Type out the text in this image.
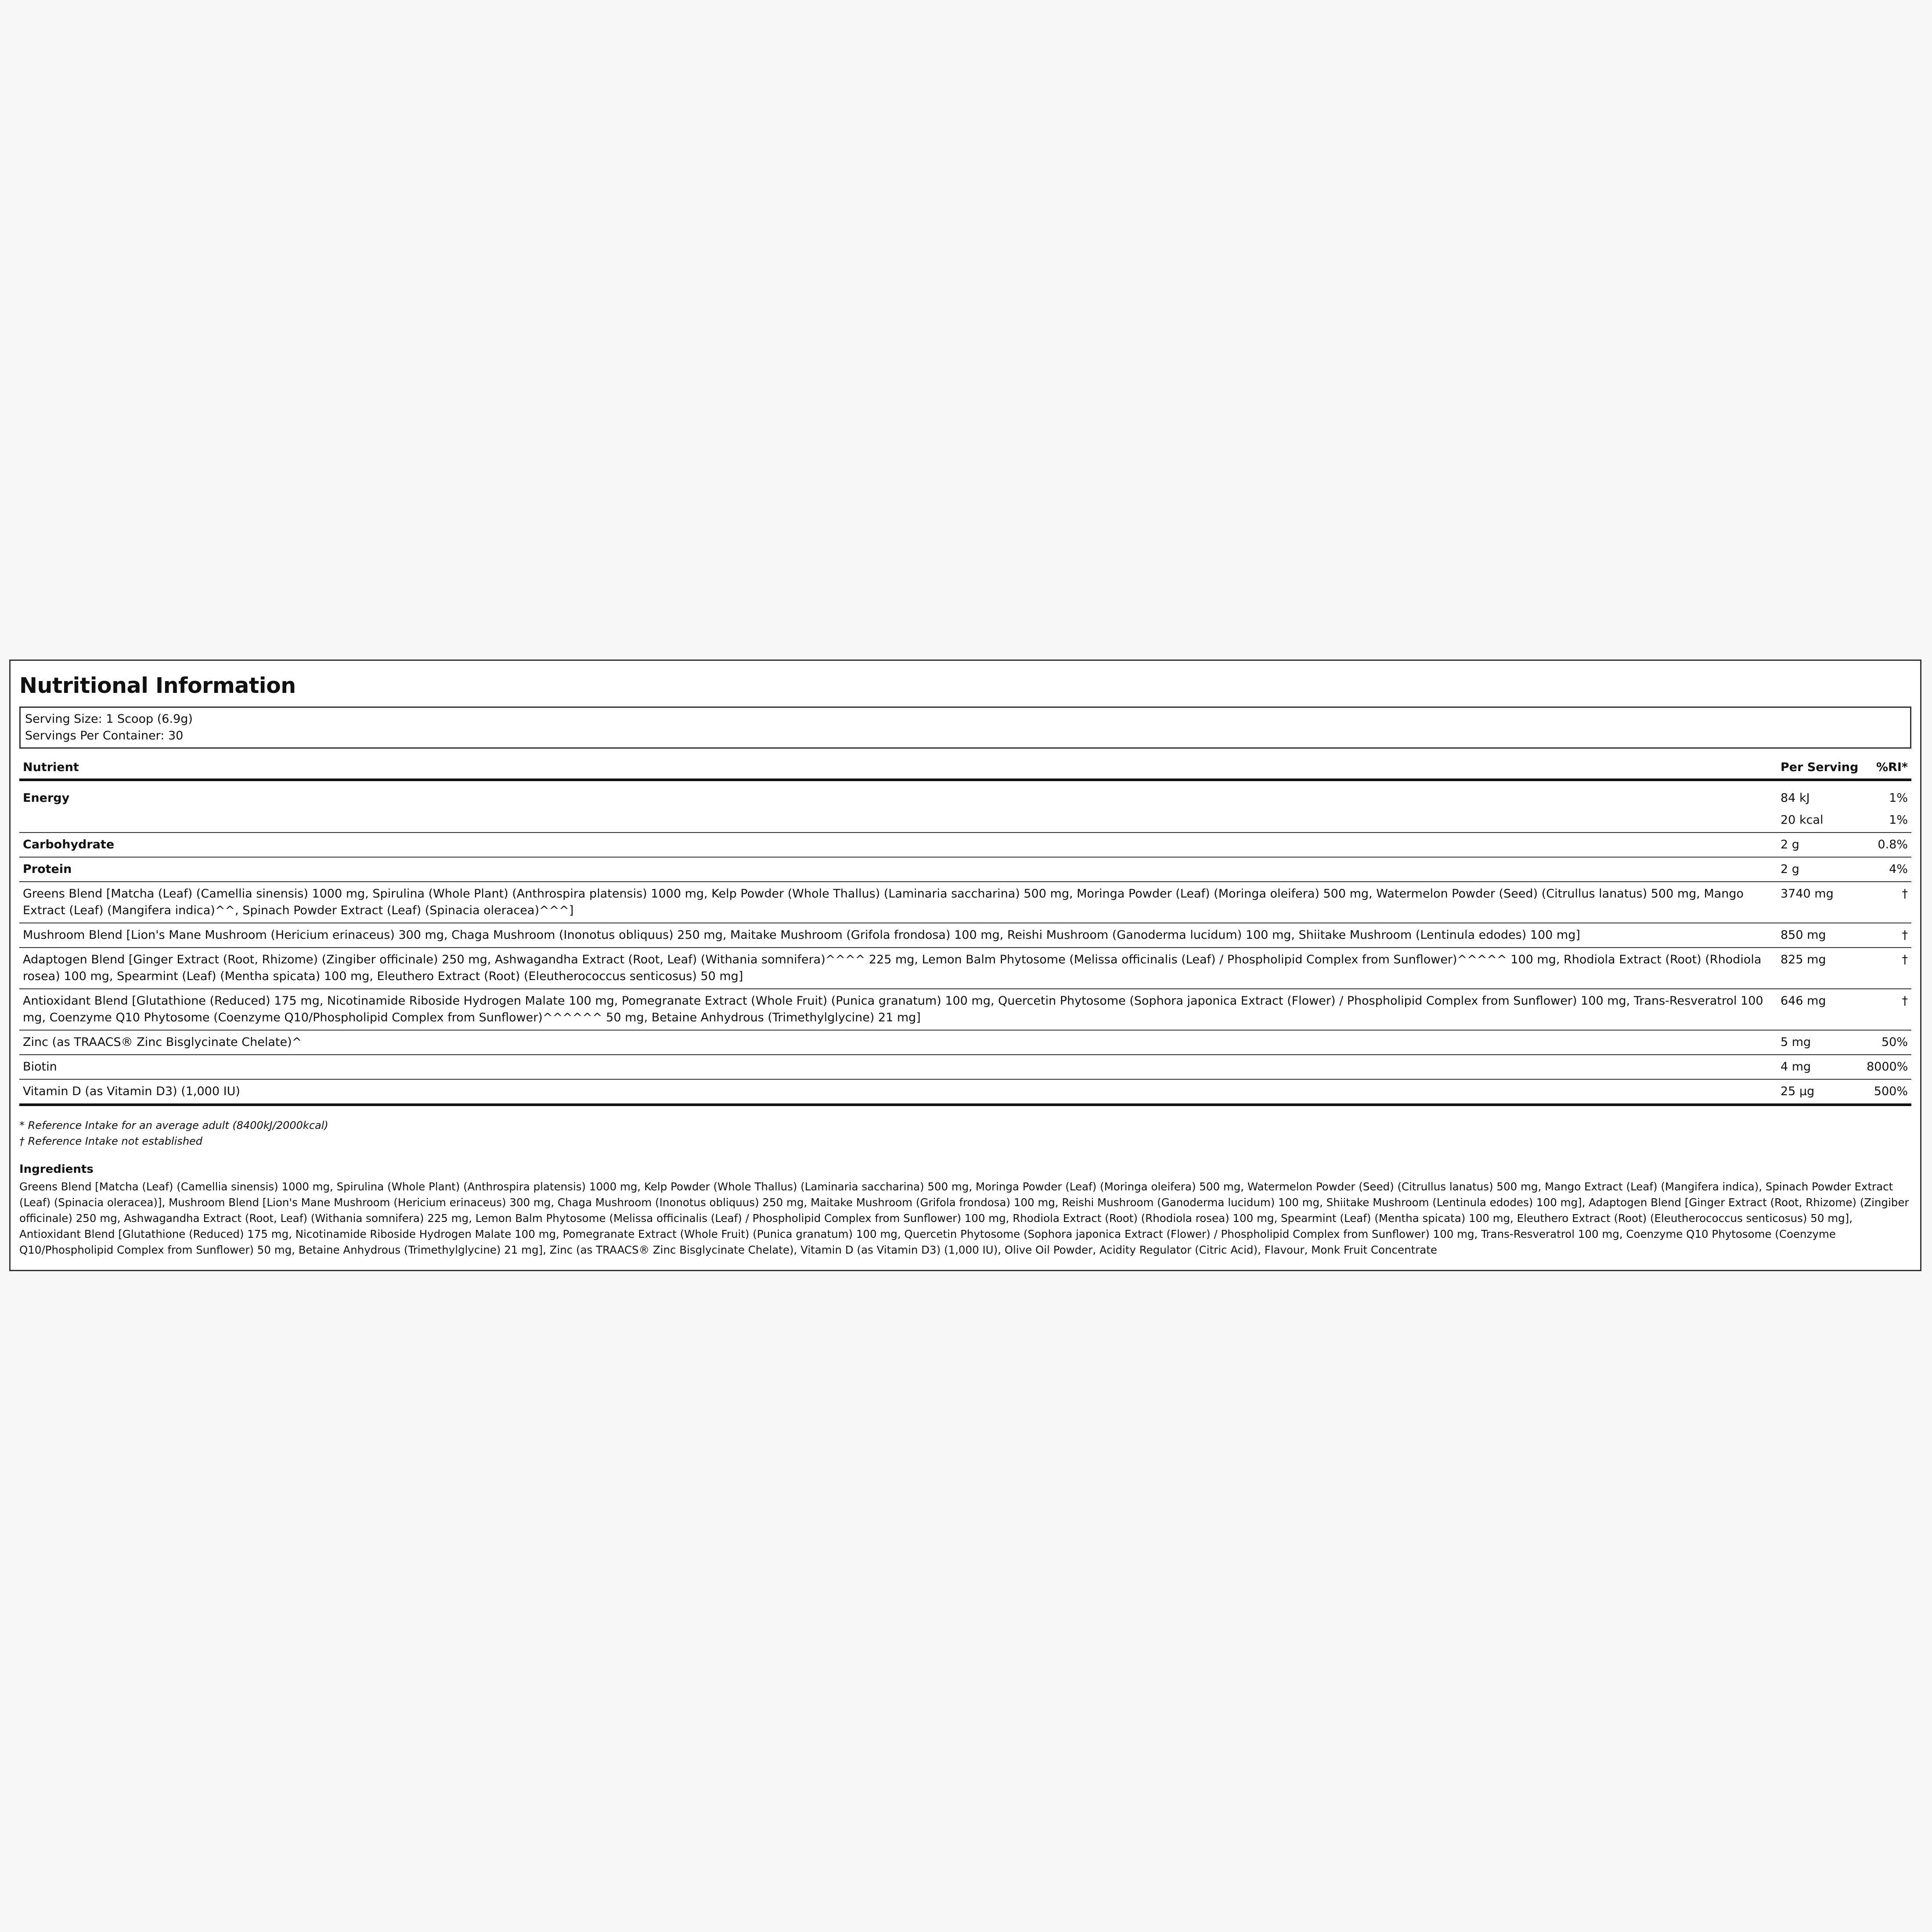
Nutritional Information
Serving Size: 1 Scoop (6.9g)
Servings Per Container: 30
Nutrient	Per Serving	%RI*
Energy	84 kJ	1%
	20 kcal	1%
Carbohydrate	2 g	0.8%
Protein	2 g	4%
Greens Blend [Matcha (Leaf) (Camellia sinensis) 1000 mg, Spirulina (Whole Plant) (Anthrospira platensis) 1000 mg, Kelp Powder (Whole Thallus) (Laminaria saccharina) 500 mg, Moringa Powder (Leaf) (Moringa oleifera) 500 mg, Watermelon Powder (Seed) (Citrullus lanatus) 500 mg, Mango Extract (Leaf) (Mangifera indica)^^, Spinach Powder Extract (Leaf) (Spinacia oleracea)^^^]	3740 mg	†
Mushroom Blend [Lion's Mane Mushroom (Hericium erinaceus) 300 mg, Chaga Mushroom (Inonotus obliquus) 250 mg, Maitake Mushroom (Grifola frondosa) 100 mg, Reishi Mushroom (Ganoderma lucidum) 100 mg, Shiitake Mushroom (Lentinula edodes) 100 mg]	850 mg	†
Adaptogen Blend [Ginger Extract (Root, Rhizome) (Zingiber officinale) 250 mg, Ashwagandha Extract (Root, Leaf) (Withania somnifera)^^^^ 225 mg, Lemon Balm Phytosome (Melissa officinalis (Leaf) / Phospholipid Complex from Sunflower)^^^^^ 100 mg, Rhodiola Extract (Root) (Rhodiola rosea) 100 mg, Spearmint (Leaf) (Mentha spicata) 100 mg, Eleuthero Extract (Root) (Eleutherococcus senticosus) 50 mg]	825 mg	†
Antioxidant Blend [Glutathione (Reduced) 175 mg, Nicotinamide Riboside Hydrogen Malate 100 mg, Pomegranate Extract (Whole Fruit) (Punica granatum) 100 mg, Quercetin Phytosome (Sophora japonica Extract (Flower) / Phospholipid Complex from Sunflower) 100 mg, Trans-Resveratrol 100 mg, Coenzyme Q10 Phytosome (Coenzyme Q10/Phospholipid Complex from Sunflower)^^^^^^ 50 mg, Betaine Anhydrous (Trimethylglycine) 21 mg]	646 mg	†
Zinc (as TRAACS® Zinc Bisglycinate Chelate)^	5 mg	50%
Biotin	4 mg	8000%
Vitamin D (as Vitamin D3) (1,000 IU)	25 µg	500%
* Reference Intake for an average adult (8400kJ/2000kcal)
† Reference Intake not established
Ingredients
Greens Blend [Matcha (Leaf) (Camellia sinensis) 1000 mg, Spirulina (Whole Plant) (Anthrospira platensis) 1000 mg, Kelp Powder (Whole Thallus) (Laminaria saccharina) 500 mg, Moringa Powder (Leaf) (Moringa oleifera) 500 mg, Watermelon Powder (Seed) (Citrullus lanatus) 500 mg, Mango Extract (Leaf) (Mangifera indica), Spinach Powder Extract (Leaf) (Spinacia oleracea)], Mushroom Blend [Lion's Mane Mushroom (Hericium erinaceus) 300 mg, Chaga Mushroom (Inonotus obliquus) 250 mg, Maitake Mushroom (Grifola frondosa) 100 mg, Reishi Mushroom (Ganoderma lucidum) 100 mg, Shiitake Mushroom (Lentinula edodes) 100 mg], Adaptogen Blend [Ginger Extract (Root, Rhizome) (Zingiber officinale) 250 mg, Ashwagandha Extract (Root, Leaf) (Withania somnifera) 225 mg, Lemon Balm Phytosome (Melissa officinalis (Leaf) / Phospholipid Complex from Sunflower) 100 mg, Rhodiola Extract (Root) (Rhodiola rosea) 100 mg, Spearmint (Leaf) (Mentha spicata) 100 mg, Eleuthero Extract (Root) (Eleutherococcus senticosus) 50 mg], Antioxidant Blend [Glutathione (Reduced) 175 mg, Nicotinamide Riboside Hydrogen Malate 100 mg, Pomegranate Extract (Whole Fruit) (Punica granatum) 100 mg, Quercetin Phytosome (Sophora japonica Extract (Flower) / Phospholipid Complex from Sunflower) 100 mg, Trans-Resveratrol 100 mg, Coenzyme Q10 Phytosome (Coenzyme Q10/Phospholipid Complex from Sunflower) 50 mg, Betaine Anhydrous (Trimethylglycine) 21 mg], Zinc (as TRAACS® Zinc Bisglycinate Chelate), Vitamin D (as Vitamin D3) (1,000 IU), Olive Oil Powder, Acidity Regulator (Citric Acid), Flavour, Monk Fruit Concentrate
